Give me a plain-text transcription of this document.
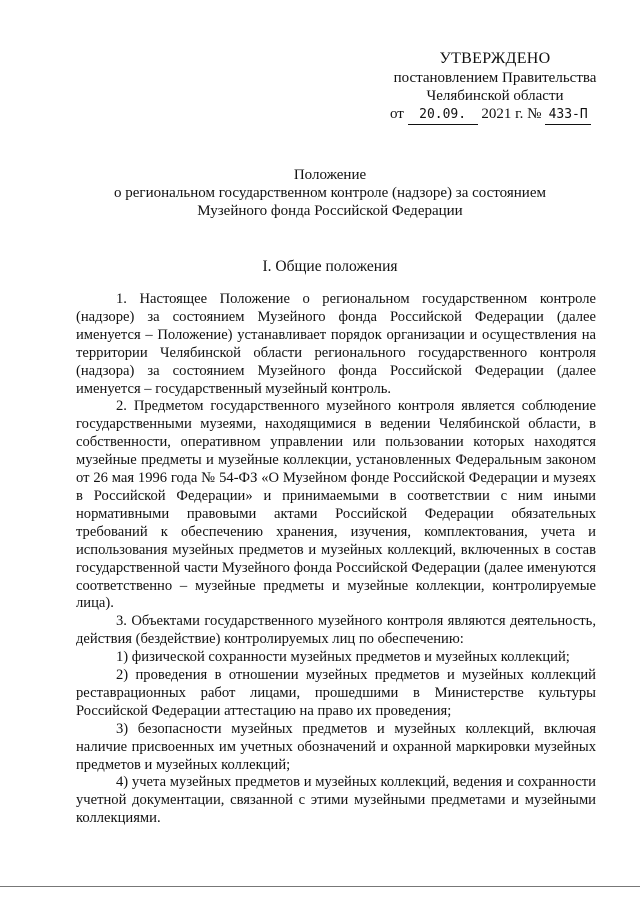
УТВЕРЖДЕНО
постановлением Правительства
Челябинской области
от 20.09. 2021 г. № 433-П
Положение
о региональном государственном контроле (надзоре) за состоянием
Музейного фонда Российской Федерации
I. Общие положения

1. Настоящее Положение о региональном государственном контроле (надзоре) за состоянием Музейного фонда Российской Федерации (далее именуется – Положение) устанавливает порядок организации и осуществления на территории Челябинской области регионального государственного контроля (надзора) за состоянием Музейного фонда Российской Федерации (далее именуется – государственный музейный контроль.

2. Предметом государственного музейного контроля является соблюдение государственными музеями, находящимися в ведении Челябинской области, в собственности, оперативном управлении или пользовании которых находятся музейные предметы и музейные коллекции, установленных Федеральным законом от 26 мая 1996 года № 54-ФЗ «О Музейном фонде Российской Федерации и музеях в Российской Федерации» и принимаемыми в соответствии с ним иными нормативными правовыми актами Российской Федерации обязательных требований к обеспечению хранения, изучения, комплектования, учета и использования музейных предметов и музейных коллекций, включенных в состав государственной части Музейного фонда Российской Федерации (далее именуются соответственно – музейные предметы и музейные коллекции, контролируемые лица).

3. Объектами государственного музейного контроля являются деятельность, действия (бездействие) контролируемых лиц по обеспечению:

1) физической сохранности музейных предметов и музейных коллекций;

2) проведения в отношении музейных предметов и музейных коллекций реставрационных работ лицами, прошедшими в Министерстве культуры Российской Федерации аттестацию на право их проведения;

3) безопасности музейных предметов и музейных коллекций, включая наличие присвоенных им учетных обозначений и охранной маркировки музейных предметов и музейных коллекций;

4) учета музейных предметов и музейных коллекций, ведения и сохранности учетной документации, связанной с этими музейными предметами и музейными коллекциями.
